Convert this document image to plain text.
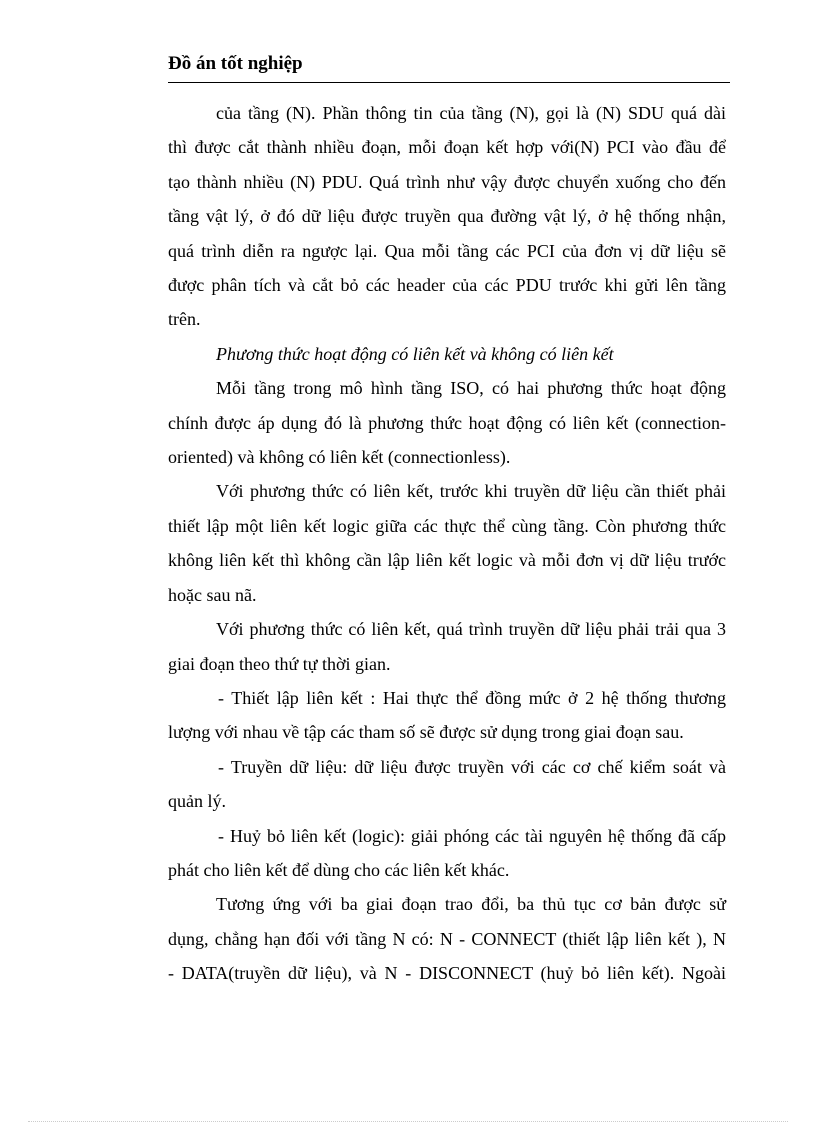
Đồ án tốt nghiệp

của tầng (N). Phần thông tin của tầng (N), gọi là (N) SDU quá dài
thì được cắt thành nhiều đoạn, mỗi đoạn kết hợp với(N) PCI vào đầu để
tạo thành nhiều (N) PDU. Quá trình như vậy được chuyển xuống cho đến
tầng vật lý, ở đó dữ liệu được truyền qua đường vật lý, ở hệ thống nhận,
quá trình diễn ra ngược lại. Qua mỗi tầng các PCI của đơn vị dữ liệu sẽ
được phân tích và cắt bỏ các header của các PDU trước khi gửi lên tầng
trên.

Phương thức hoạt động có liên kết và không có liên kết

Mỗi tầng trong mô hình tầng ISO, có hai phương thức hoạt động
chính được áp dụng đó là phương thức hoạt động có liên kết (connection-
oriented) và không có liên kết (connectionless).

Với phương thức có liên kết, trước khi truyền dữ liệu cần thiết phải
thiết lập một liên kết logic giữa các thực thể cùng tầng. Còn phương thức
không liên kết thì không cần lập liên kết logic và mỗi đơn vị dữ liệu trước
hoặc sau nã.

Với phương thức có liên kết, quá trình truyền dữ liệu phải trải qua 3
giai đoạn theo thứ tự thời gian.

- Thiết lập liên kết : Hai thực thể đồng mức ở 2 hệ thống thương
lượng với nhau về tập các tham số sẽ được sử dụng trong giai đoạn sau.

- Truyền dữ liệu: dữ liệu được truyền với các cơ chế kiểm soát và
quản lý.

- Huỷ bỏ liên kết (logic): giải phóng các tài nguyên hệ thống đã cấp
phát cho liên kết để dùng cho các liên kết khác.

Tương ứng với ba giai đoạn trao đổi, ba thủ tục cơ bản được sử
dụng, chẳng hạn đối với tầng N có: N - CONNECT (thiết lập liên kết ), N
- DATA(truyền dữ liệu), và N - DISCONNECT (huỷ bỏ liên kết). Ngoài
